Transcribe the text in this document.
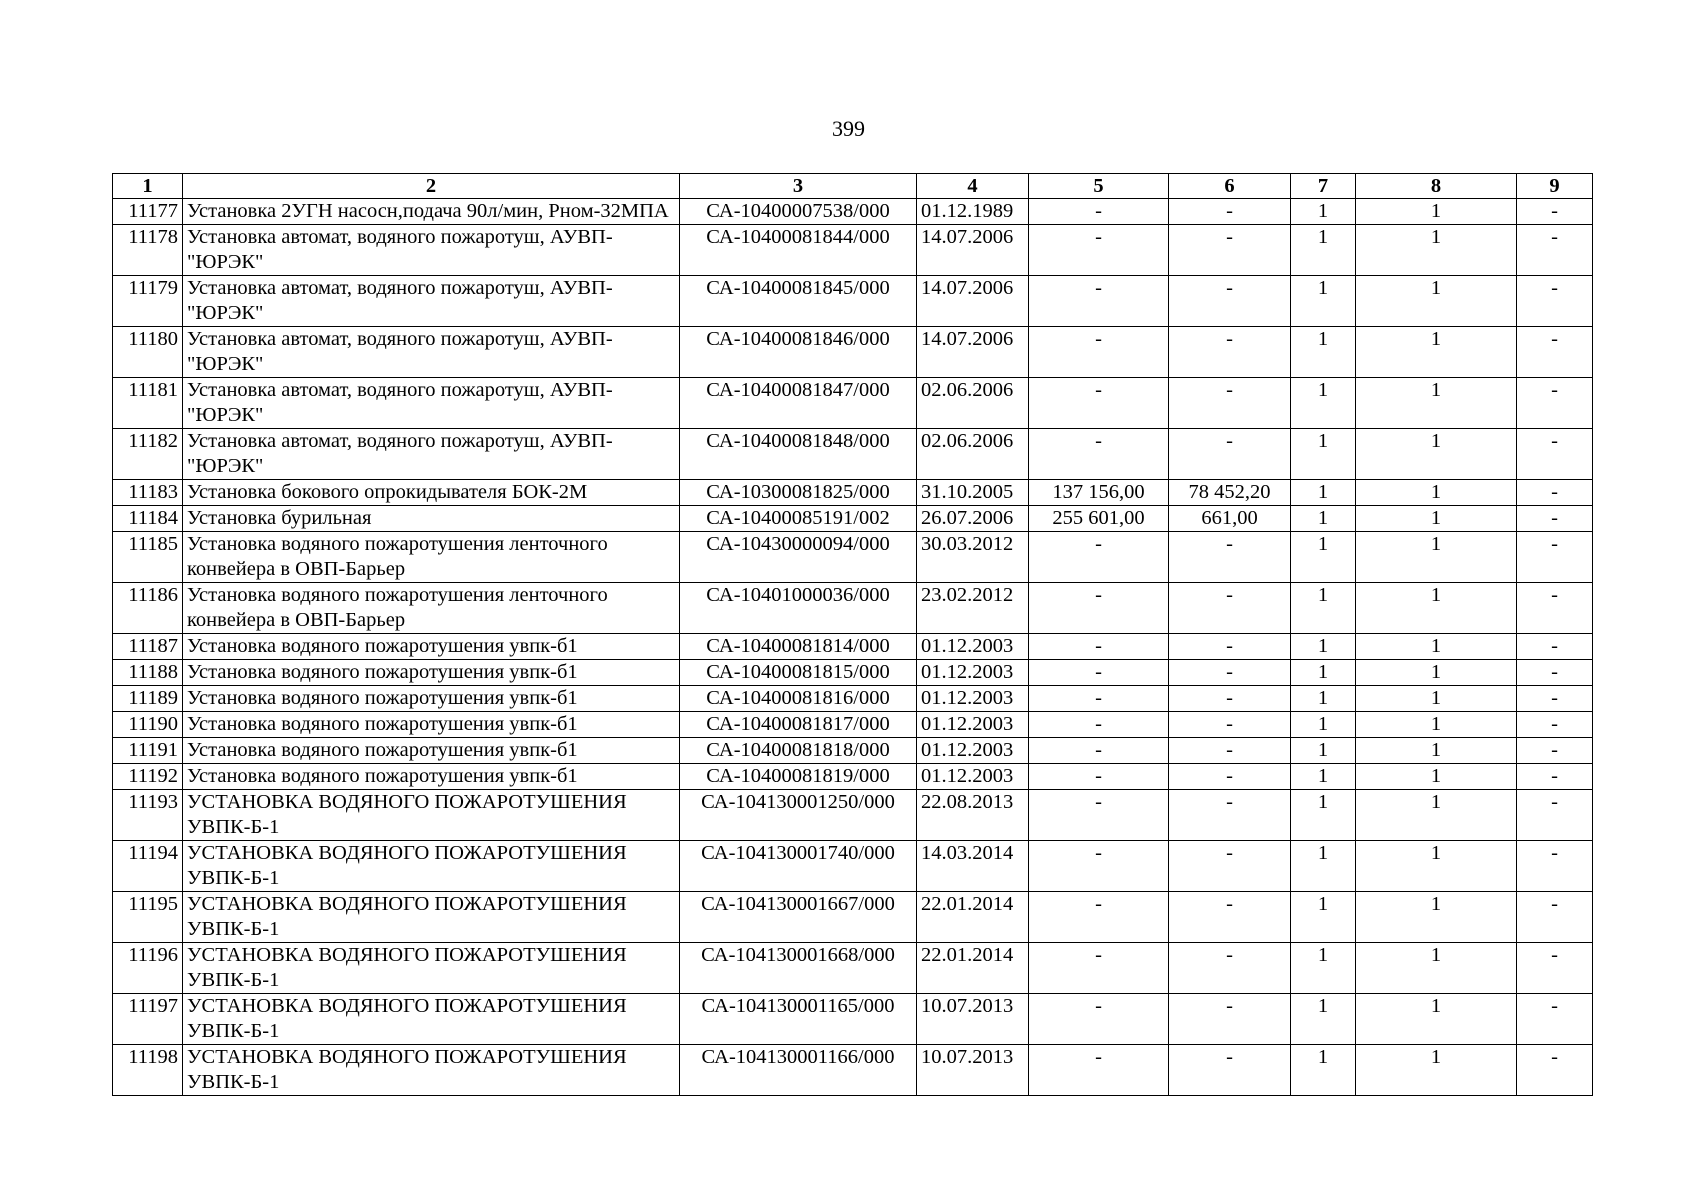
399
1	2	3	4	5	6	7	8	9
11177	Установка 2УГН насосн,подача 90л/мин, Рном-32МПА	СА-10400007538/000	01.12.1989	-	-	1	1	-
11178	Установка автомат, водяного пожаротуш, АУВП-"ЮРЭК"	СА-10400081844/000	14.07.2006	-	-	1	1	-
11179	Установка автомат, водяного пожаротуш, АУВП-"ЮРЭК"	СА-10400081845/000	14.07.2006	-	-	1	1	-
11180	Установка автомат, водяного пожаротуш, АУВП-"ЮРЭК"	СА-10400081846/000	14.07.2006	-	-	1	1	-
11181	Установка автомат, водяного пожаротуш, АУВП-"ЮРЭК"	СА-10400081847/000	02.06.2006	-	-	1	1	-
11182	Установка автомат, водяного пожаротуш, АУВП-"ЮРЭК"	СА-10400081848/000	02.06.2006	-	-	1	1	-
11183	Установка бокового опрокидывателя БОК-2М	СА-10300081825/000	31.10.2005	137 156,00	78 452,20	1	1	-
11184	Установка бурильная	СА-10400085191/002	26.07.2006	255 601,00	661,00	1	1	-
11185	Установка водяного пожаротушения ленточного конвейера в ОВП-Барьер	СА-10430000094/000	30.03.2012	-	-	1	1	-
11186	Установка водяного пожаротушения ленточного конвейера в ОВП-Барьер	СА-10401000036/000	23.02.2012	-	-	1	1	-
11187	Установка водяного пожаротушения увпк-б1	СА-10400081814/000	01.12.2003	-	-	1	1	-
11188	Установка водяного пожаротушения увпк-б1	СА-10400081815/000	01.12.2003	-	-	1	1	-
11189	Установка водяного пожаротушения увпк-б1	СА-10400081816/000	01.12.2003	-	-	1	1	-
11190	Установка водяного пожаротушения увпк-б1	СА-10400081817/000	01.12.2003	-	-	1	1	-
11191	Установка водяного пожаротушения увпк-б1	СА-10400081818/000	01.12.2003	-	-	1	1	-
11192	Установка водяного пожаротушения увпк-б1	СА-10400081819/000	01.12.2003	-	-	1	1	-
11193	УСТАНОВКА ВОДЯНОГО ПОЖАРОТУШЕНИЯ УВПК-Б-1	СА-104130001250/000	22.08.2013	-	-	1	1	-
11194	УСТАНОВКА ВОДЯНОГО ПОЖАРОТУШЕНИЯ УВПК-Б-1	СА-104130001740/000	14.03.2014	-	-	1	1	-
11195	УСТАНОВКА ВОДЯНОГО ПОЖАРОТУШЕНИЯ УВПК-Б-1	СА-104130001667/000	22.01.2014	-	-	1	1	-
11196	УСТАНОВКА ВОДЯНОГО ПОЖАРОТУШЕНИЯ УВПК-Б-1	СА-104130001668/000	22.01.2014	-	-	1	1	-
11197	УСТАНОВКА ВОДЯНОГО ПОЖАРОТУШЕНИЯ УВПК-Б-1	СА-104130001165/000	10.07.2013	-	-	1	1	-
11198	УСТАНОВКА ВОДЯНОГО ПОЖАРОТУШЕНИЯ УВПК-Б-1	СА-104130001166/000	10.07.2013	-	-	1	1	-
